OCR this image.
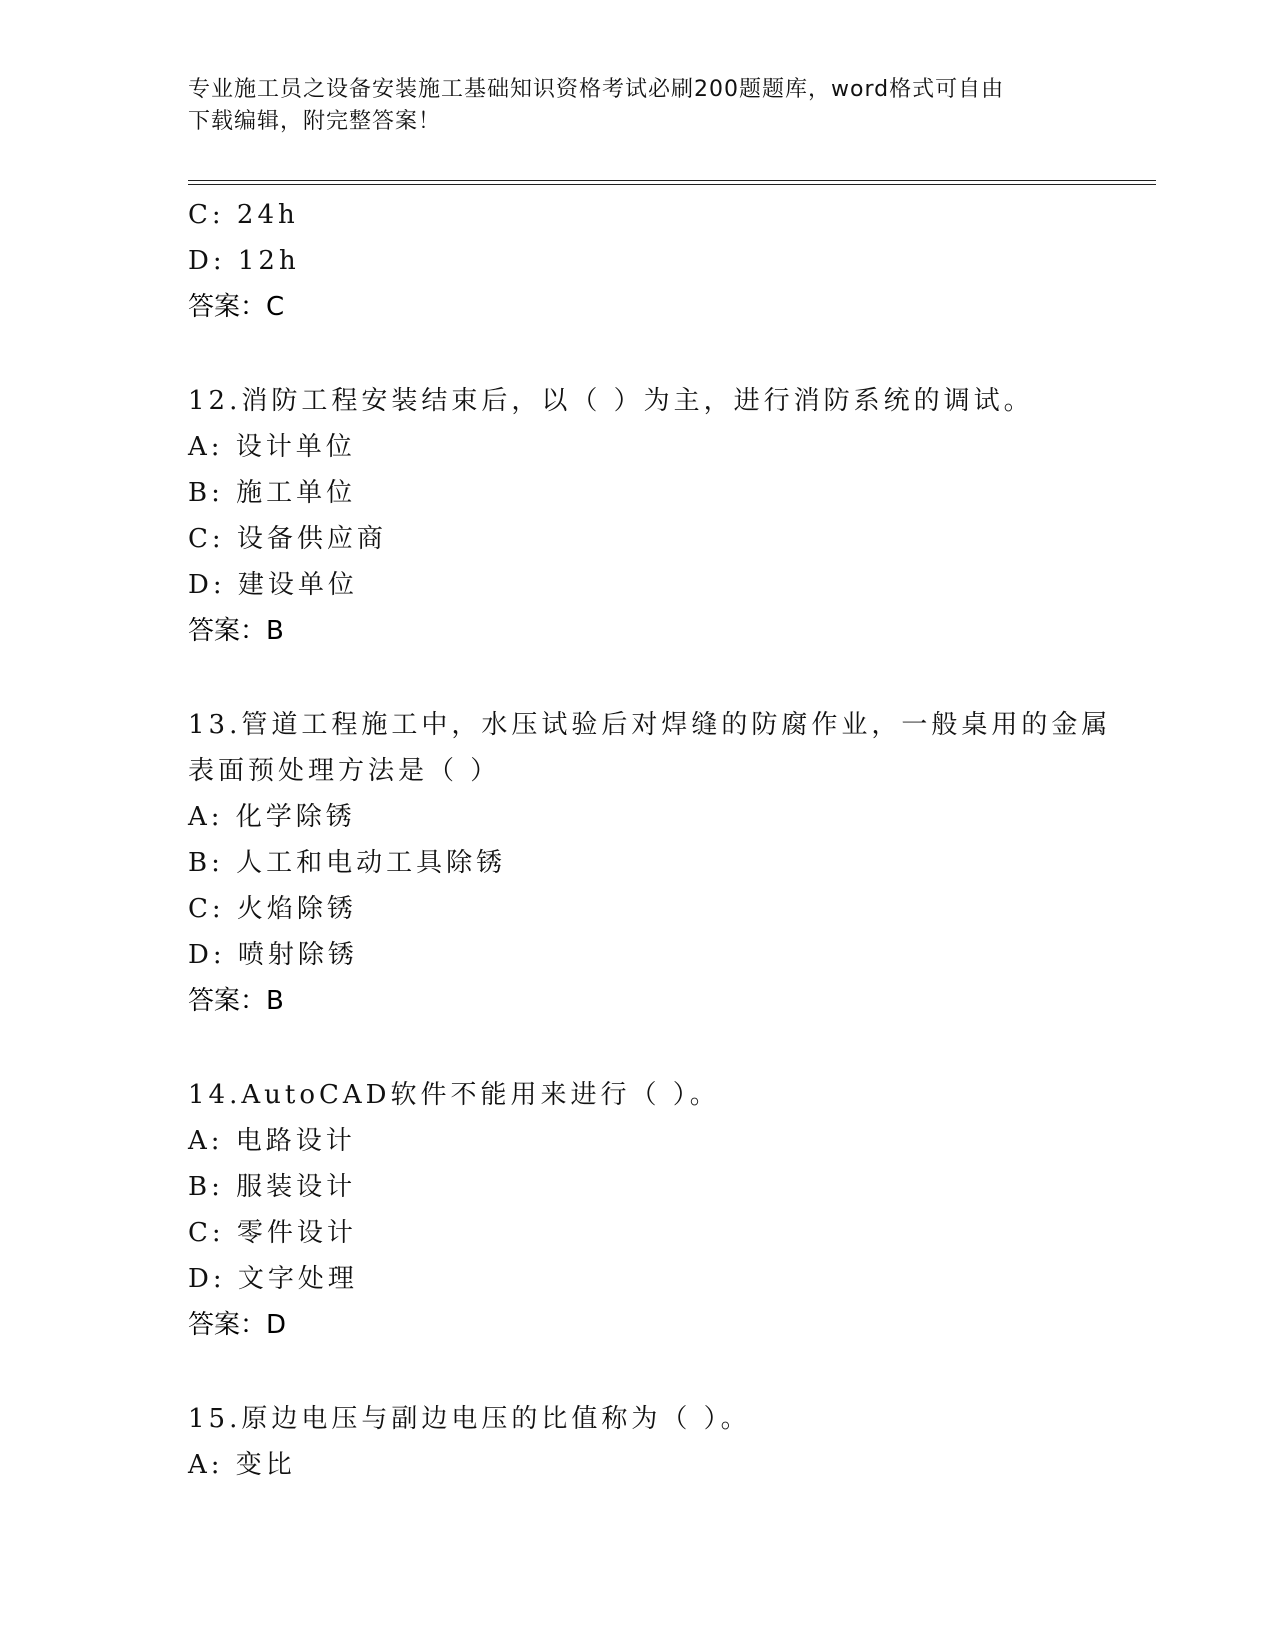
专业施工员之设备安装施工基础知识资格考试必刷200题题库，word格式可自由
下载编辑，附完整答案！
C: 24h
D: 12h
答案：C
12.消防工程安装结束后，以（ ）为主，进行消防系统的调试。
A: 设计单位
B: 施工单位
C: 设备供应商
D: 建设单位
答案：B
13.管道工程施工中，水压试验后对焊缝的防腐作业，一般桌用的金属
表面预处理方法是（ ）
A: 化学除锈
B: 人工和电动工具除锈
C: 火焰除锈
D: 喷射除锈
答案：B
14.AutoCAD软件不能用来进行（ ）。
A: 电路设计
B: 服装设计
C: 零件设计
D: 文字处理
答案：D
15.原边电压与副边电压的比值称为（ ）。
A: 变比
